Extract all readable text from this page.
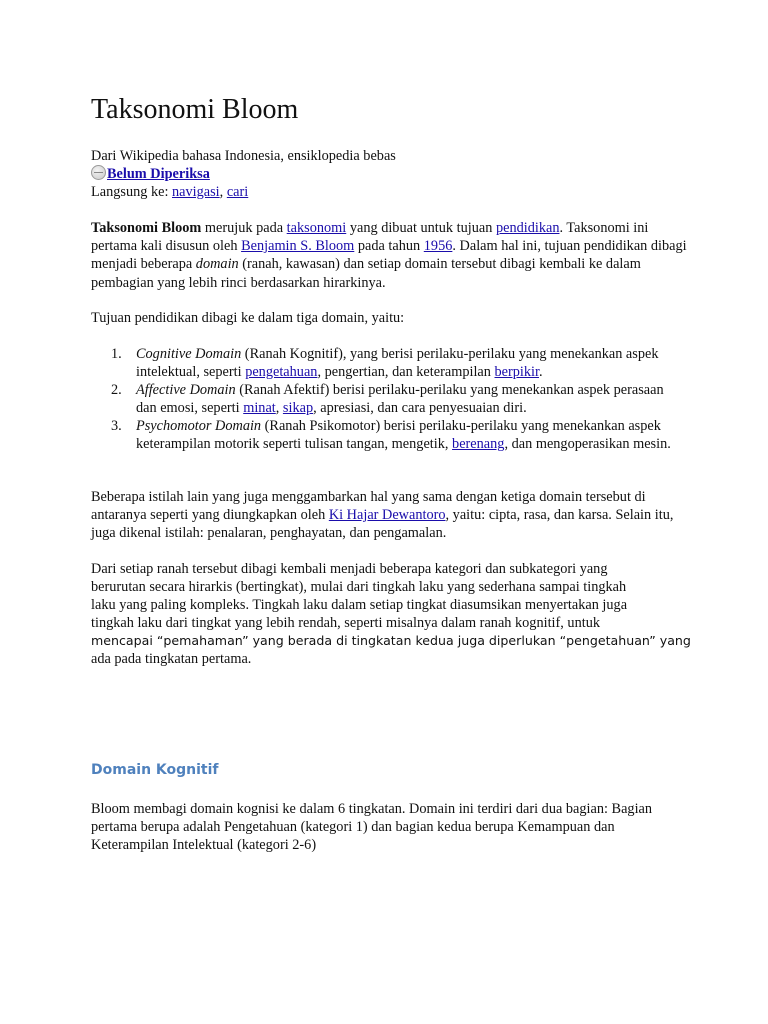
Taksonomi Bloom
Dari Wikipedia bahasa Indonesia, ensiklopedia bebas
Belum Diperiksa
Langsung ke: navigasi, cari

Taksonomi Bloom merujuk pada taksonomi yang dibuat untuk tujuan pendidikan. Taksonomi ini pertama kali disusun oleh Benjamin S. Bloom pada tahun 1956. Dalam hal ini, tujuan pendidikan dibagi menjadi beberapa domain (ranah, kawasan) dan setiap domain tersebut dibagi kembali ke dalam pembagian yang lebih rinci berdasarkan hirarkinya.

Tujuan pendidikan dibagi ke dalam tiga domain, yaitu:
1. Cognitive Domain (Ranah Kognitif), yang berisi perilaku-perilaku yang menekankan aspek intelektual, seperti pengetahuan, pengertian, dan keterampilan berpikir.
2. Affective Domain (Ranah Afektif) berisi perilaku-perilaku yang menekankan aspek perasaan dan emosi, seperti minat, sikap, apresiasi, dan cara penyesuaian diri.
3. Psychomotor Domain (Ranah Psikomotor) berisi perilaku-perilaku yang menekankan aspek keterampilan motorik seperti tulisan tangan, mengetik, berenang, dan mengoperasikan mesin.

Beberapa istilah lain yang juga menggambarkan hal yang sama dengan ketiga domain tersebut di antaranya seperti yang diungkapkan oleh Ki Hajar Dewantoro, yaitu: cipta, rasa, dan karsa. Selain itu, juga dikenal istilah: penalaran, penghayatan, dan pengamalan.

Dari setiap ranah tersebut dibagi kembali menjadi beberapa kategori dan subkategori yang
berurutan secara hirarkis (bertingkat), mulai dari tingkah laku yang sederhana sampai tingkah
laku yang paling kompleks. Tingkah laku dalam setiap tingkat diasumsikan menyertakan juga
tingkah laku dari tingkat yang lebih rendah, seperti misalnya dalam ranah kognitif, untuk
mencapai “pemahaman” yang berada di tingkatan kedua juga diperlukan “pengetahuan” yang
ada pada tingkatan pertama.
Domain Kognitif

Bloom membagi domain kognisi ke dalam 6 tingkatan. Domain ini terdiri dari dua bagian: Bagian pertama berupa adalah Pengetahuan (kategori 1) dan bagian kedua berupa Kemampuan dan Keterampilan Intelektual (kategori 2-6)
